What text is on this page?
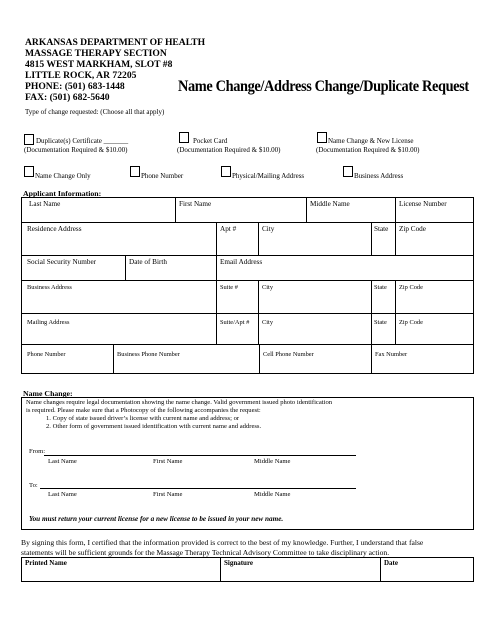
ARKANSAS DEPARTMENT OF HEALTH
MASSAGE THERAPY SECTION
4815 WEST MARKHAM, SLOT #8
LITTLE ROCK, AR 72205
PHONE: (501) 683-1448
FAX: (501) 682-5640
Name Change/Address Change/Duplicate Request
Type of change requested: (Choose all that apply)
Duplicate(s) Certificate _______
(Documentation Required & $10.00)
Pocket Card
(Documentation Required & $10.00)
Name Change & New License
(Documentation Required & $10.00)
Name Change Only	Phone Number	Physical/Mailing Address	Business Address
Applicant Information:
Last Name	First Name	Middle Name	License Number
Residence Address	Apt #	City	State Zip Code
Social Security Number	Date of Birth	Email Address
Business Address	Suite #	City	State Zip Code
Mailing Address	Suite/Apt # City	State Zip Code
Phone Number	Business Phone Number	Cell Phone Number	Fax Number
Name Change:
Name changes require legal documentation showing the name change. Valid government issued photo identification
is required. Please make sure that a Photocopy of the following accompanies the request:
1. Copy of state issued driver’s license with current name and address; or
2. Other form of government issued identification with current name and address.
From:
Last Name	First Name	Middle Name
To:
Last Name	First Name	Middle Name
You must return your current license for a new license to be issued in your new name.
By signing this form, I certified that the information provided is correct to the best of my knowledge. Further, I understand that false
statements will be sufficient grounds for the Massage Therapy Technical Advisory Committee to take disciplinary action.
Printed Name	Signature	Date
